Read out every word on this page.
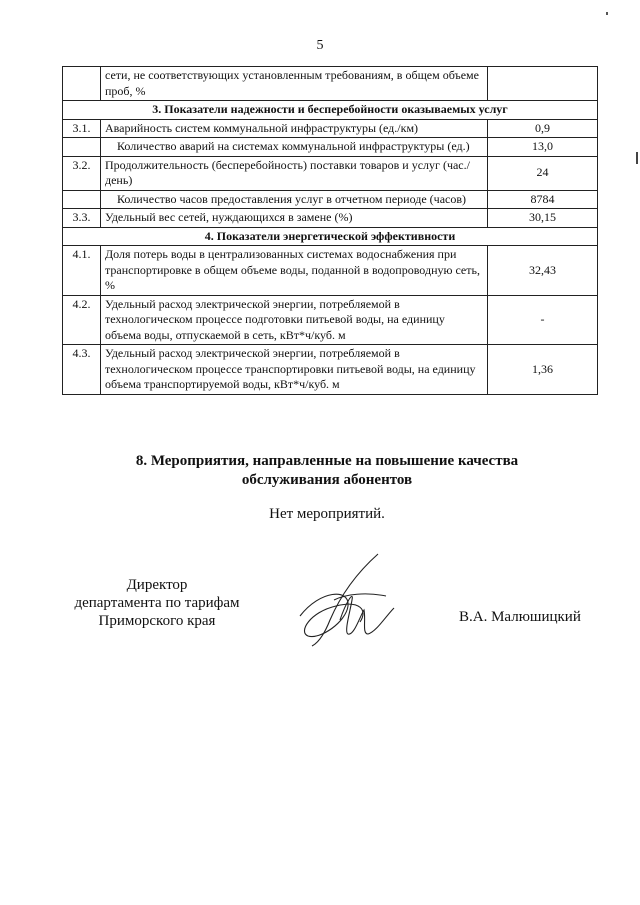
5
	сети, не соответствующих установленным требованиям, в общем объеме проб, %	
3. Показатели надежности и бесперебойности оказываемых услуг		
3.1.	Аварийность систем коммунальной инфраструктуры (ед./км)	0,9
	Количество аварий на системах коммунальной инфраструктуры (ед.)	13,0
3.2.	Продолжительность (бесперебойность) поставки товаров и услуг (час./день)	24
	Количество часов предоставления услуг в отчетном периоде (часов)	8784
3.3.	Удельный вес сетей, нуждающихся в замене (%)	30,15
4. Показатели энергетической эффективности		
4.1.	Доля потерь воды в централизованных системах водоснабжения при транспортировке в общем объеме воды, поданной в водопроводную сеть, %	32,43
4.2.	Удельный расход электрической энергии, потребляемой в технологическом процессе подготовки питьевой воды, на единицу объема воды, отпускаемой в сеть, кВт*ч/куб. м	-
4.3.	Удельный расход электрической энергии, потребляемой в технологическом процессе транспортировки питьевой воды, на единицу объема транспортируемой воды, кВт*ч/куб. м	1,36
8. Мероприятия, направленные на повышение качества
обслуживания абонентов
Нет мероприятий.
Директор
департамента по тарифам
Приморского края	В.А. Малюшицкий
